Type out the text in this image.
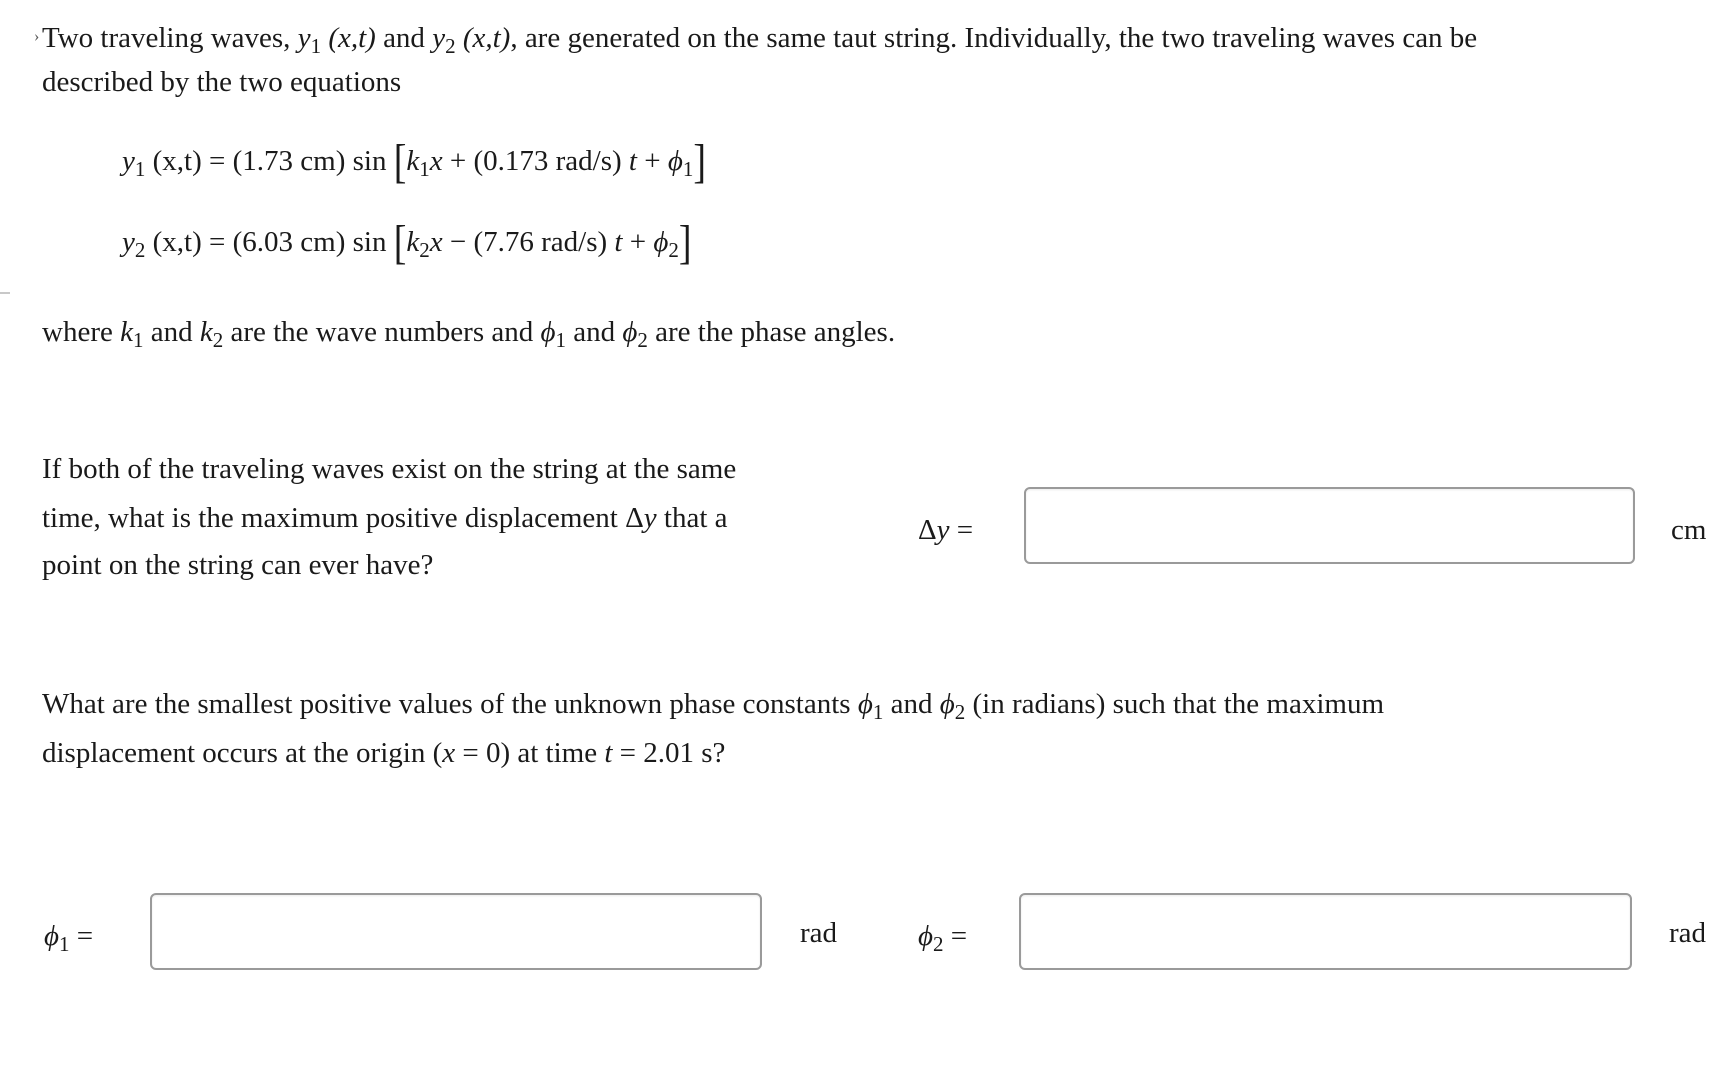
› Two traveling waves, $y_1$ (x,t) and $y_2$ (x,t), are generated on the same taut string. Individually, the two traveling waves can be
described by the two equations
$y_1$ (x,t) = (1.73 cm) $\sin [k_1x + (0.173$ rad/s) $t + \phi_1$]
$y_2$ (x,t) = (6.03 cm) $\sin [k_2x - (7.76$ rad/s) $t + \phi_2$]
where $k_1$ and $k_2$ are the wave numbers and $\phi_1$ and $\phi_2$ are the phase angles.
If both of the traveling waves exist on the string at the same
time, what is the maximum positive displacement Δy that a
point on the string can ever have?
Δy =	cm
What are the smallest positive values of the unknown phase constants $\phi_1$ and $\phi_2$ (in radians) such that the maximum
displacement occurs at the origin (x = 0) at time t = 2.01 s?
$\phi_1$ =	rad	$\phi_2$ =	rad
